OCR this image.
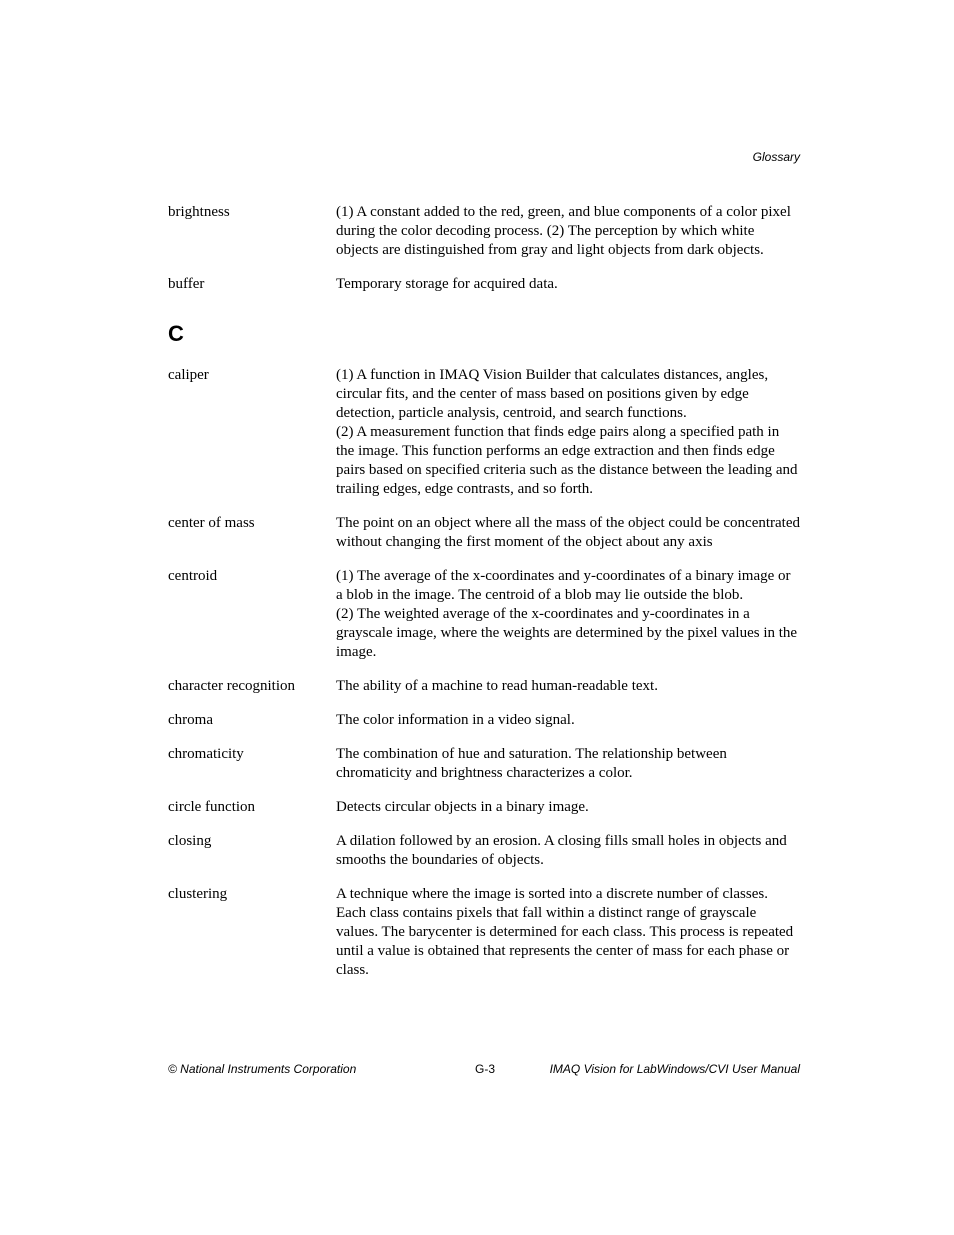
Glossary
brightness	(1) A constant added to the red, green, and blue components of a color pixel during the color decoding process. (2) The perception by which white objects are distinguished from gray and light objects from dark objects.

buffer	Temporary storage for acquired data.

C
caliper	(1) A function in IMAQ Vision Builder that calculates distances, angles, circular fits, and the center of mass based on positions given by edge detection, particle analysis, centroid, and search functions.

(2) A measurement function that finds edge pairs along a specified path in the image. This function performs an edge extraction and then finds edge pairs based on specified criteria such as the distance between the leading and trailing edges, edge contrasts, and so forth.

center of mass	The point on an object where all the mass of the object could be concentrated without changing the first moment of the object about any axis

centroid	(1) The average of the x-coordinates and y-coordinates of a binary image or a blob in the image. The centroid of a blob may lie outside the blob.

(2) The weighted average of the x-coordinates and y-coordinates in a grayscale image, where the weights are determined by the pixel values in the image.

character recognition	The ability of a machine to read human-readable text.

chroma	The color information in a video signal.

chromaticity	The combination of hue and saturation. The relationship between chromaticity and brightness characterizes a color.

circle function	Detects circular objects in a binary image.

closing	A dilation followed by an erosion. A closing fills small holes in objects and smooths the boundaries of objects.

clustering	A technique where the image is sorted into a discrete number of classes. Each class contains pixels that fall within a distinct range of grayscale values. The barycenter is determined for each class. This process is repeated until a value is obtained that represents the center of mass for each phase or class.

© National Instruments Corporation	G-3	IMAQ Vision for LabWindows/CVI User Manual
